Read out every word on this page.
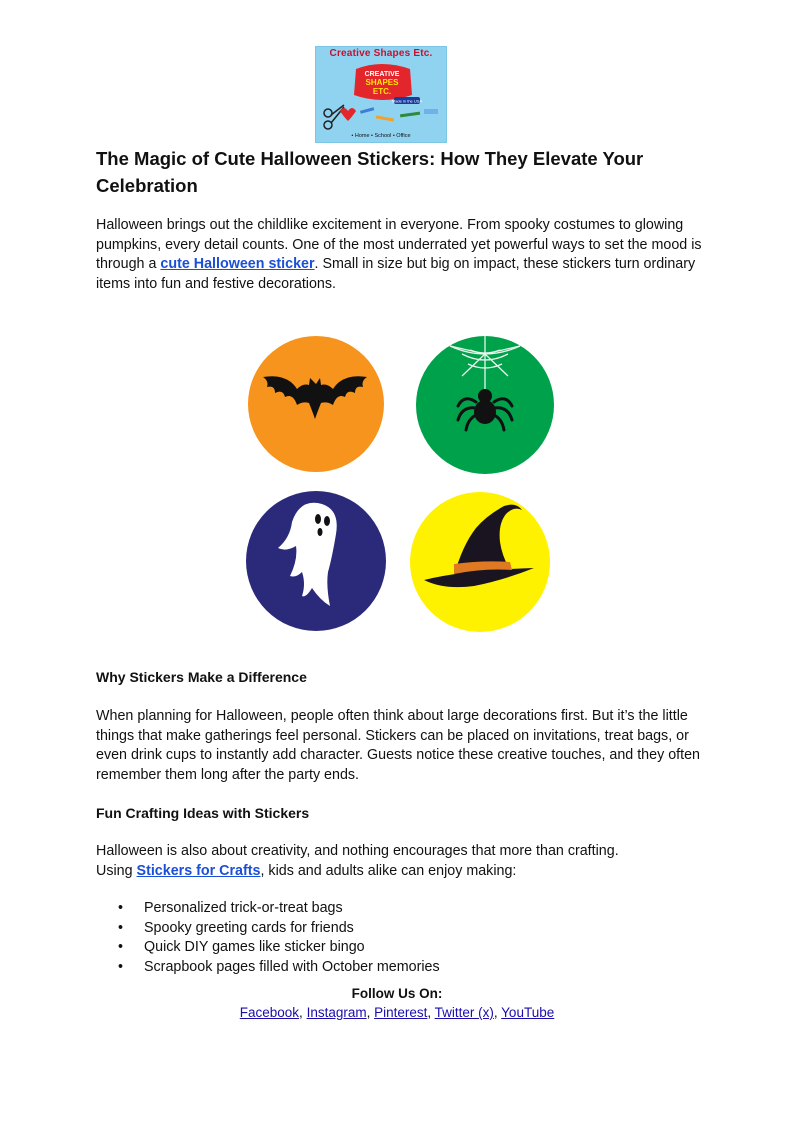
Creative Shapes Etc.
CREATIVE
SHAPES
ETC.
Made in the USA
• Home • School • Office
The Magic of Cute Halloween Stickers: How They Elevate Your Celebration

Halloween brings out the childlike excitement in everyone. From spooky costumes to glowing pumpkins, every detail counts. One of the most underrated yet powerful ways to set the mood is through a cute Halloween sticker. Small in size but big on impact, these stickers turn ordinary items into fun and festive decorations.

Why Stickers Make a Difference

When planning for Halloween, people often think about large decorations first. But it’s the little things that make gatherings feel personal. Stickers can be placed on invitations, treat bags, or even drink cups to instantly add character. Guests notice these creative touches, and they often remember them long after the party ends.

Fun Crafting Ideas with Stickers

Halloween is also about creativity, and nothing encourages that more than crafting.
Using Stickers for Crafts, kids and adults alike can enjoy making:

• Personalized trick-or-treat bags
• Spooky greeting cards for friends
• Quick DIY games like sticker bingo
• Scrapbook pages filled with October memories

Follow Us On:

Facebook, Instagram, Pinterest, Twitter (x), YouTube
